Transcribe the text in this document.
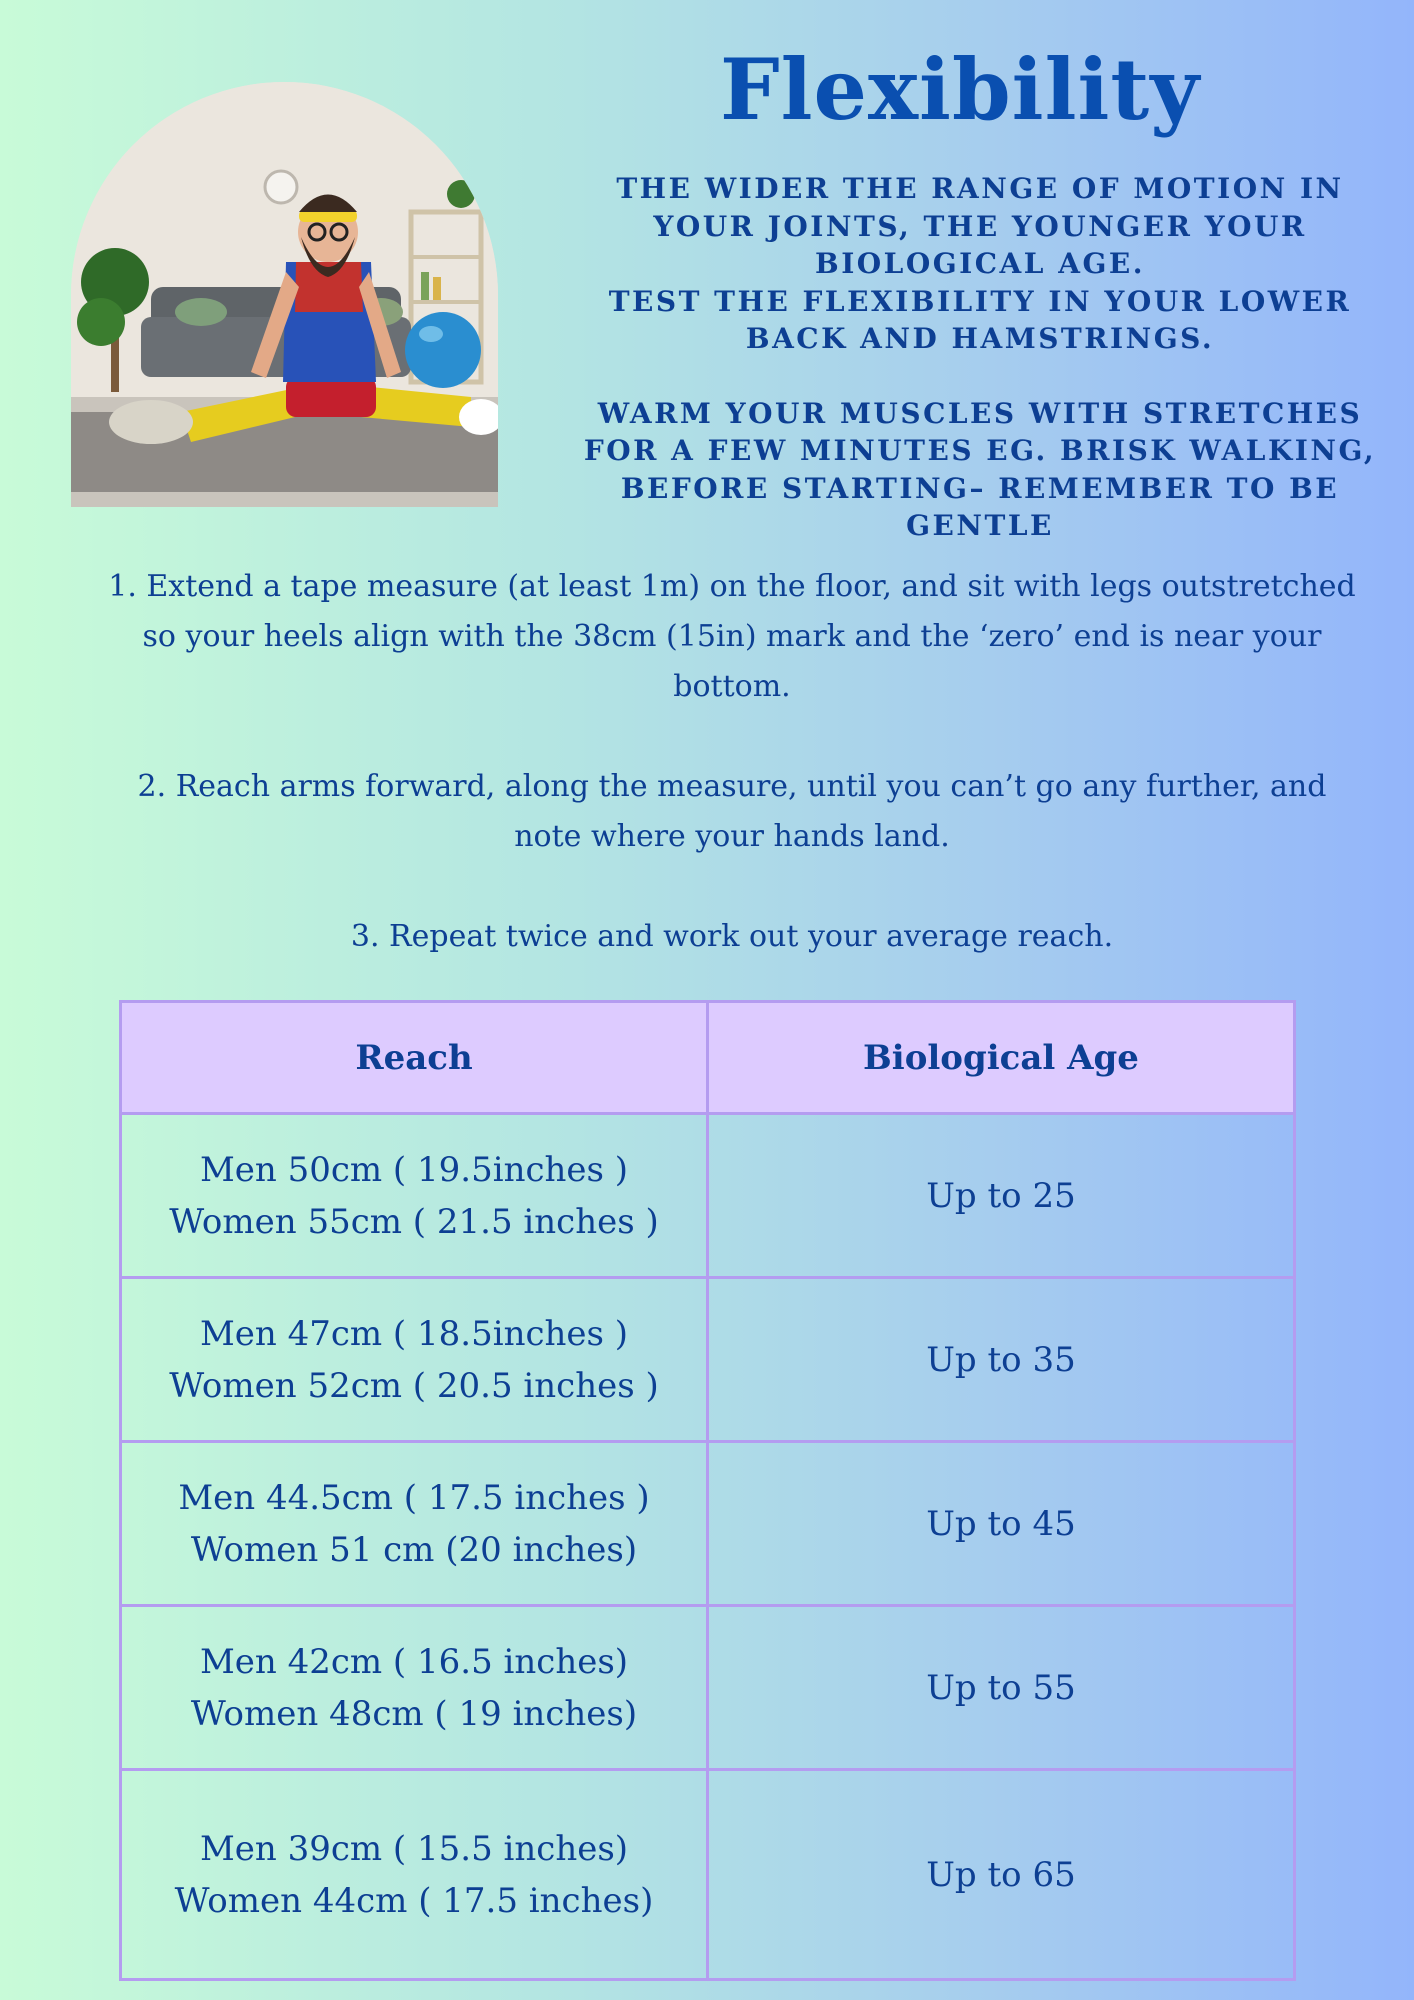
Flexibility

THE WIDER THE RANGE OF MOTION IN YOUR JOINTS, THE YOUNGER YOUR BIOLOGICAL AGE.

TEST THE FLEXIBILITY IN YOUR LOWER BACK AND HAMSTRINGS.

WARM YOUR MUSCLES WITH STRETCHES FOR A FEW MINUTES EG. BRISK WALKING, BEFORE STARTING– REMEMBER TO BE GENTLE

1. Extend a tape measure (at least 1m) on the floor, and sit with legs outstretched so your heels align with the 38cm (15in) mark and the ‘zero’ end is near your bottom.

2. Reach arms forward, along the measure, until you can’t go any further, and note where your hands land.

3. Repeat twice and work out your average reach.

Reach	Biological Age

Men 50cm ( 19.5inches )
Women 55cm ( 21.5 inches )	Up to 25

Men 47cm ( 18.5inches )
Women 52cm ( 20.5 inches )	Up to 35

Men 44.5cm ( 17.5 inches )
Women 51 cm (20 inches)	Up to 45

Men 42cm ( 16.5 inches)
Women 48cm ( 19 inches)	Up to 55

Men 39cm ( 15.5 inches)
Women 44cm ( 17.5 inches)	Up to 65
